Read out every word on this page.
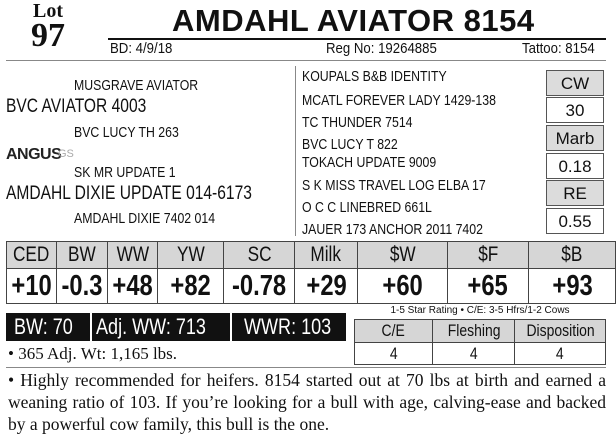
Lot
97	AMDAHL AVIATOR 8154
BD: 4/9/18	Reg No: 19264885	Tattoo: 8154
MUSGRAVE AVIATOR
BVC AVIATOR 4003
BVC LUCY TH 263
SK MR UPDATE 1
AMDAHL DIXIE UPDATE 014-6173
AMDAHL DIXIE 7402 014
ANGUS
GS
KOUPALS B&B IDENTITY
MCATL FOREVER LADY 1429-138
TC THUNDER 7514
BVC LUCY T 822
TOKACH UPDATE 9009
S K MISS TRAVEL LOG ELBA 17
O C C LINEBRED 661L
JAUER 173 ANCHOR 2011 7402
CW
30
Marb
0.18
RE
0.55
CED	BW	WW	YW	SC	Milk	$W	$F	$B
+10	-0.3	+48	+82	-0.78	+29	+60	+65	+93
BW: 70 Adj. WW: 713 WWR: 103
1-5 Star Rating • C/E: 3-5 Hfrs/1-2 Cows
C/E	Fleshing	Disposition
4	4	4
• 365 Adj. Wt: 1,165 lbs.
• Highly recommended for heifers. 8154 started out at 70 lbs at birth and earned a weaning ratio of 103. If you’re looking for a bull with age, calving-ease and backed by a powerful cow family, this bull is the one.
